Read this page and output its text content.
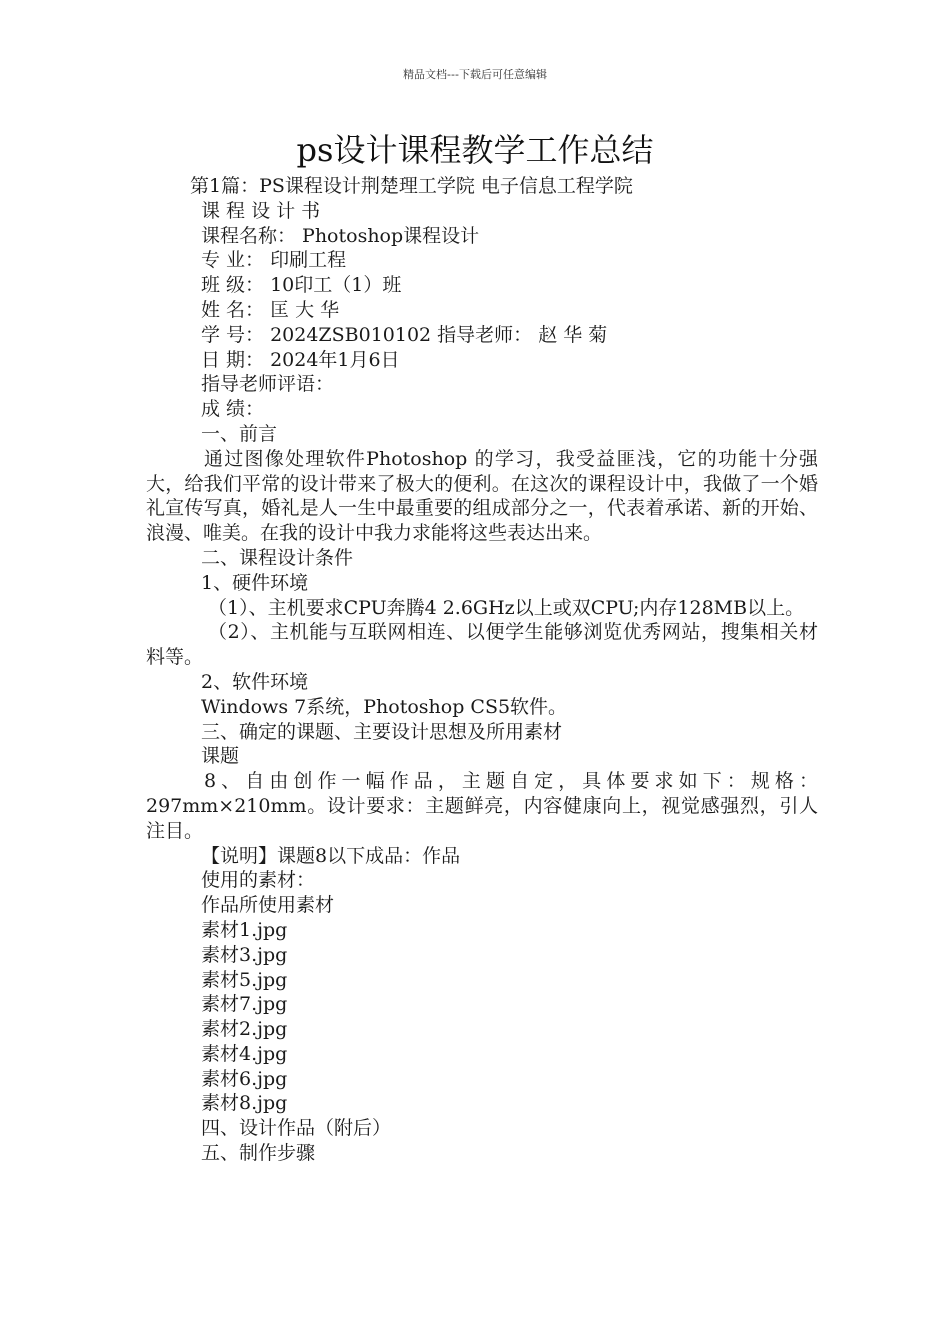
精品文档---下载后可任意编辑
ps设计课程教学工作总结
第1篇：PS课程设计荆楚理工学院 电子信息工程学院
课 程 设 计 书
课程名称： Photoshop课程设计
专 业： 印刷工程
班 级： 10印工（1）班
姓 名： 匡 大 华
学 号： 2024ZSB010102 指导老师： 赵 华 菊
日 期： 2024年1月6日
指导老师评语：
成 绩：
一、前言
通过图像处理软件Photoshop 的学习，我受益匪浅，它的功能十分强大，给我们平常的设计带来了极大的便利。在这次的课程设计中，我做了一个婚礼宣传写真，婚礼是人一生中最重要的组成部分之一，代表着承诺、新的开始、浪漫、唯美。在我的设计中我力求能将这些表达出来。
二、课程设计条件
1、硬件环境
（1）、主机要求CPU奔腾4 2.6GHz以上或双CPU;内存128MB以上。
（2）、主机能与互联网相连、以便学生能够浏览优秀网站，搜集相关材料等。
2、软件环境
Windows 7系统，Photoshop CS5软件。
三、确定的课题、主要设计思想及所用素材
课题
8、自由创作一幅作品，主题自定，具体要求如下：规格：297mm×210mm。设计要求：主题鲜亮，内容健康向上，视觉感强烈，引人注目。
【说明】课题8以下成品：作品
使用的素材：
作品所使用素材
素材1.jpg
素材3.jpg
素材5.jpg
素材7.jpg
素材2.jpg
素材4.jpg
素材6.jpg
素材8.jpg
四、设计作品（附后）
五、制作步骤
